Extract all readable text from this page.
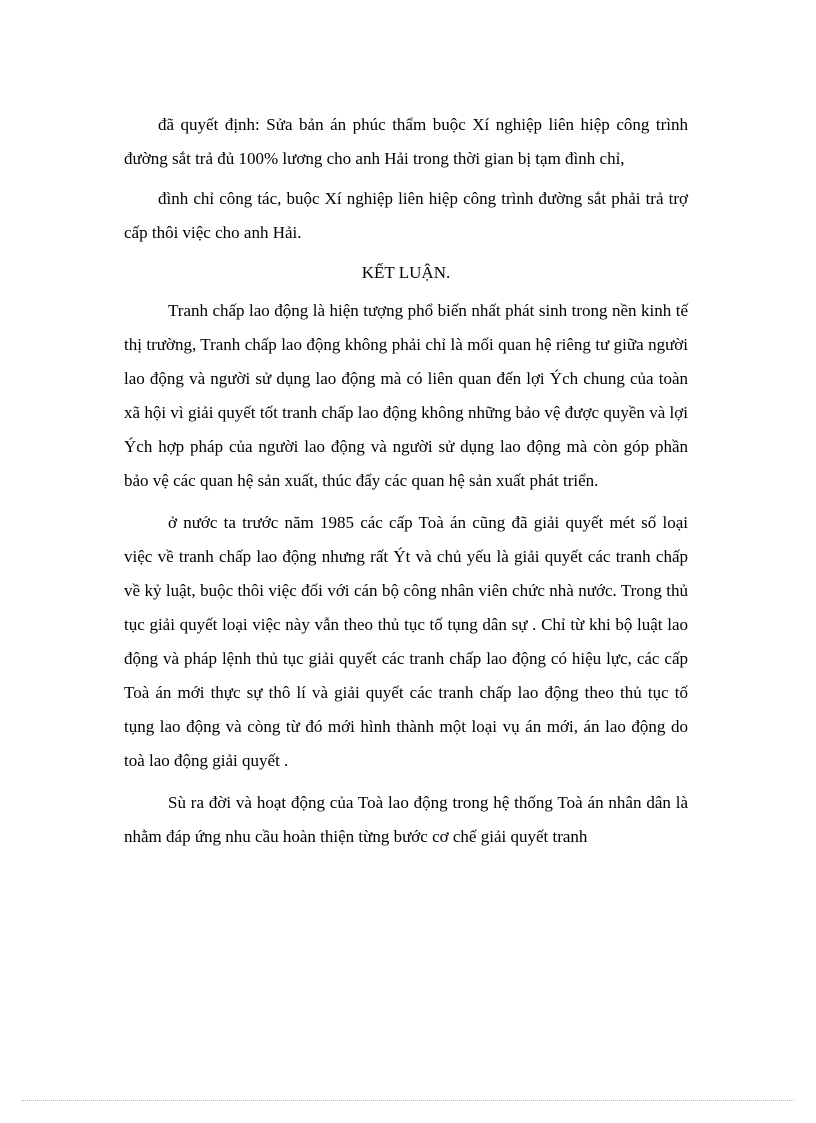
đã quyết định: Sửa bản án phúc thẩm buộc Xí nghiệp liên hiệp công trình đường sắt trả đủ 100% lương cho anh Hải trong thời gian bị tạm đình chỉ,

đình chỉ công tác, buộc Xí nghiệp liên hiệp công trình đường sắt phải trả trợ cấp thôi việc cho anh Hải.

KẾT LUẬN.

Tranh chấp lao động là hiện tượng phổ biến nhất phát sinh trong nền kinh tế thị trường, Tranh chấp lao động không phải chỉ là mối quan hệ riêng tư giữa người lao động và người sử dụng lao động mà có liên quan đến lợi Ých chung của toàn xã hội vì giải quyết tốt tranh chấp lao động không những bảo vệ được quyền và lợi Ých hợp pháp của người lao động và người sử dụng lao động mà còn góp phần bảo vệ các quan hệ sản xuất, thúc đẩy các quan hệ sản xuất phát triển.

ở nước ta trước năm 1985 các cấp Toà án cũng đã giải quyết mét số loại việc về tranh chấp lao động nhưng rất Ýt và chủ yếu là giải quyết các tranh chấp về kỷ luật, buộc thôi việc đối với cán bộ công nhân viên chức nhà nước. Trong thủ tục giải quyết loại việc này vẫn theo thủ tục tố tụng dân sự . Chỉ từ khi bộ luật lao động và pháp lệnh thủ tục giải quyết các tranh chấp lao động có hiệu lực, các cấp Toà án mới thực sự thô lí và giải quyết các tranh chấp lao động theo thủ tục tố tụng lao động và còng từ đó mới hình thành một loại vụ án mới, án lao động do toà lao động giải quyết .

Sù ra đời và hoạt động của Toà lao động trong hệ thống Toà án nhân dân là nhằm đáp ứng nhu cầu hoàn thiện từng bước cơ chế giải quyết tranh
